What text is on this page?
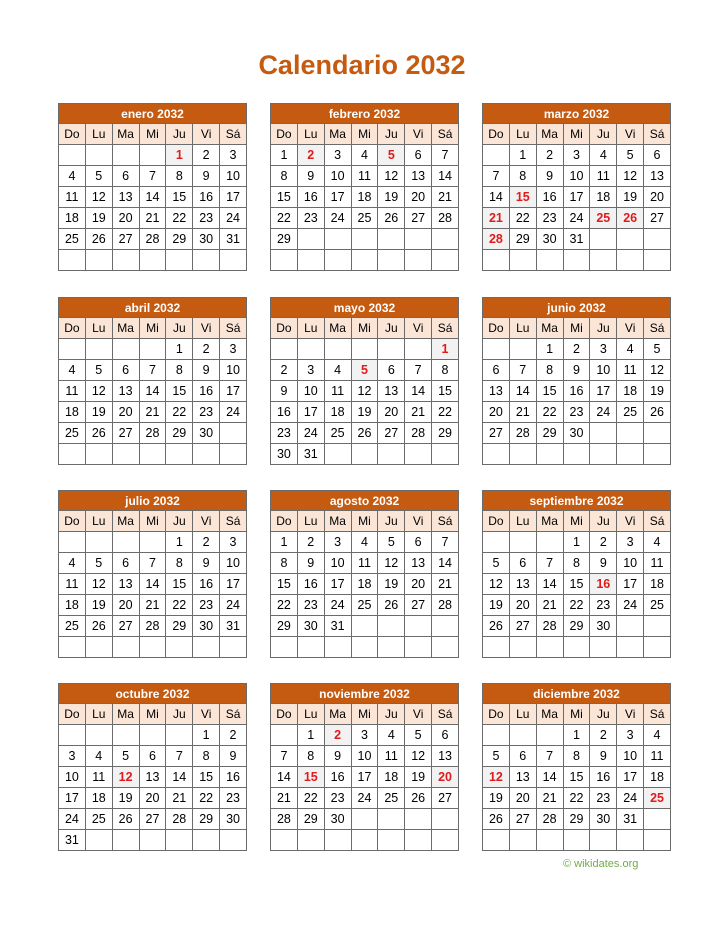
Calendario 2032
enero 2032						
Do	Lu	Ma	Mi	Ju	Vi	Sá
				1	2	3
4	5	6	7	8	9	10
11	12	13	14	15	16	17
18	19	20	21	22	23	24
25	26	27	28	29	30	31

febrero 2032						
Do	Lu	Ma	Mi	Ju	Vi	Sá
1	2	3	4	5	6	7
8	9	10	11	12	13	14
15	16	17	18	19	20	21
22	23	24	25	26	27	28
29						

marzo 2032						
Do	Lu	Ma	Mi	Ju	Vi	Sá
	1	2	3	4	5	6
7	8	9	10	11	12	13
14	15	16	17	18	19	20
21	22	23	24	25	26	27
28	29	30	31			

abril 2032						
Do	Lu	Ma	Mi	Ju	Vi	Sá
				1	2	3
4	5	6	7	8	9	10
11	12	13	14	15	16	17
18	19	20	21	22	23	24
25	26	27	28	29	30	

mayo 2032						
Do	Lu	Ma	Mi	Ju	Vi	Sá
						1
2	3	4	5	6	7	8
9	10	11	12	13	14	15
16	17	18	19	20	21	22
23	24	25	26	27	28	29
30	31					
junio 2032						
Do	Lu	Ma	Mi	Ju	Vi	Sá
		1	2	3	4	5
6	7	8	9	10	11	12
13	14	15	16	17	18	19
20	21	22	23	24	25	26
27	28	29	30			

julio 2032						
Do	Lu	Ma	Mi	Ju	Vi	Sá
				1	2	3
4	5	6	7	8	9	10
11	12	13	14	15	16	17
18	19	20	21	22	23	24
25	26	27	28	29	30	31

agosto 2032						
Do	Lu	Ma	Mi	Ju	Vi	Sá
1	2	3	4	5	6	7
8	9	10	11	12	13	14
15	16	17	18	19	20	21
22	23	24	25	26	27	28
29	30	31				

septiembre 2032						
Do	Lu	Ma	Mi	Ju	Vi	Sá
			1	2	3	4
5	6	7	8	9	10	11
12	13	14	15	16	17	18
19	20	21	22	23	24	25
26	27	28	29	30		

octubre 2032						
Do	Lu	Ma	Mi	Ju	Vi	Sá
					1	2
3	4	5	6	7	8	9
10	11	12	13	14	15	16
17	18	19	20	21	22	23
24	25	26	27	28	29	30
31						
noviembre 2032						
Do	Lu	Ma	Mi	Ju	Vi	Sá
	1	2	3	4	5	6
7	8	9	10	11	12	13
14	15	16	17	18	19	20
21	22	23	24	25	26	27
28	29	30				

diciembre 2032						
Do	Lu	Ma	Mi	Ju	Vi	Sá
			1	2	3	4
5	6	7	8	9	10	11
12	13	14	15	16	17	18
19	20	21	22	23	24	25
26	27	28	29	30	31	

© wikidates.org
